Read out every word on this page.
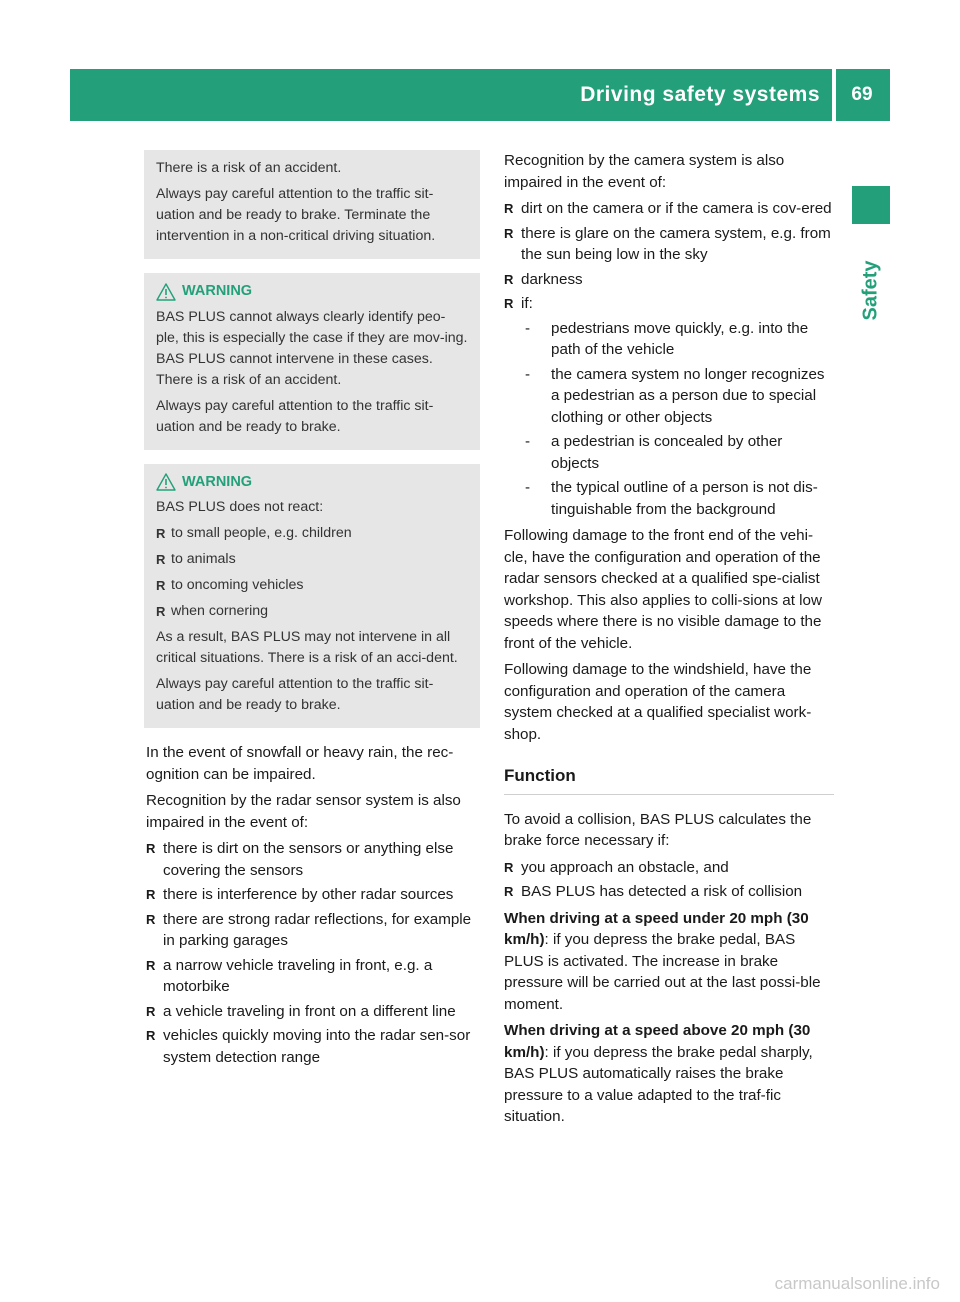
Driving safety systems	69
Safety

There is a risk of an accident.

Always pay careful attention to the traffic sit-uation and be ready to brake. Terminate the intervention in a non-critical driving situation.

WARNING

BAS PLUS cannot always clearly identify peo-ple, this is especially the case if they are mov-ing. BAS PLUS cannot intervene in these cases. There is a risk of an accident.

Always pay careful attention to the traffic sit-uation and be ready to brake.

WARNING

BAS PLUS does not react:

R to small people, e.g. children
R to animals
R to oncoming vehicles
R when cornering

As a result, BAS PLUS may not intervene in all critical situations. There is a risk of an acci-dent.

Always pay careful attention to the traffic sit-uation and be ready to brake.

In the event of snowfall or heavy rain, the rec-ognition can be impaired.

Recognition by the radar sensor system is also impaired in the event of:

R there is dirt on the sensors or anything else covering the sensors
R there is interference by other radar sources
R there are strong radar reflections, for example in parking garages
R a narrow vehicle traveling in front, e.g. a motorbike
R a vehicle traveling in front on a different line
R vehicles quickly moving into the radar sen-sor system detection range

Recognition by the camera system is also impaired in the event of:

R dirt on the camera or if the camera is cov-ered
R there is glare on the camera system, e.g. from the sun being low in the sky
R darkness
R if:
- pedestrians move quickly, e.g. into the path of the vehicle
- the camera system no longer recognizes a pedestrian as a person due to special clothing or other objects
- a pedestrian is concealed by other objects
- the typical outline of a person is not dis-tinguishable from the background

Following damage to the front end of the vehi-cle, have the configuration and operation of the radar sensors checked at a qualified spe-cialist workshop. This also applies to colli-sions at low speeds where there is no visible damage to the front of the vehicle.

Following damage to the windshield, have the configuration and operation of the camera system checked at a qualified specialist work-shop.

Function

To avoid a collision, BAS PLUS calculates the brake force necessary if:

R you approach an obstacle, and
R BAS PLUS has detected a risk of collision

When driving at a speed under 20 mph (30 km/h): if you depress the brake pedal, BAS PLUS is activated. The increase in brake pressure will be carried out at the last possi-ble moment.

When driving at a speed above 20 mph (30 km/h): if you depress the brake pedal sharply, BAS PLUS automatically raises the brake pressure to a value adapted to the traf-fic situation.

carmanualsonline.info
